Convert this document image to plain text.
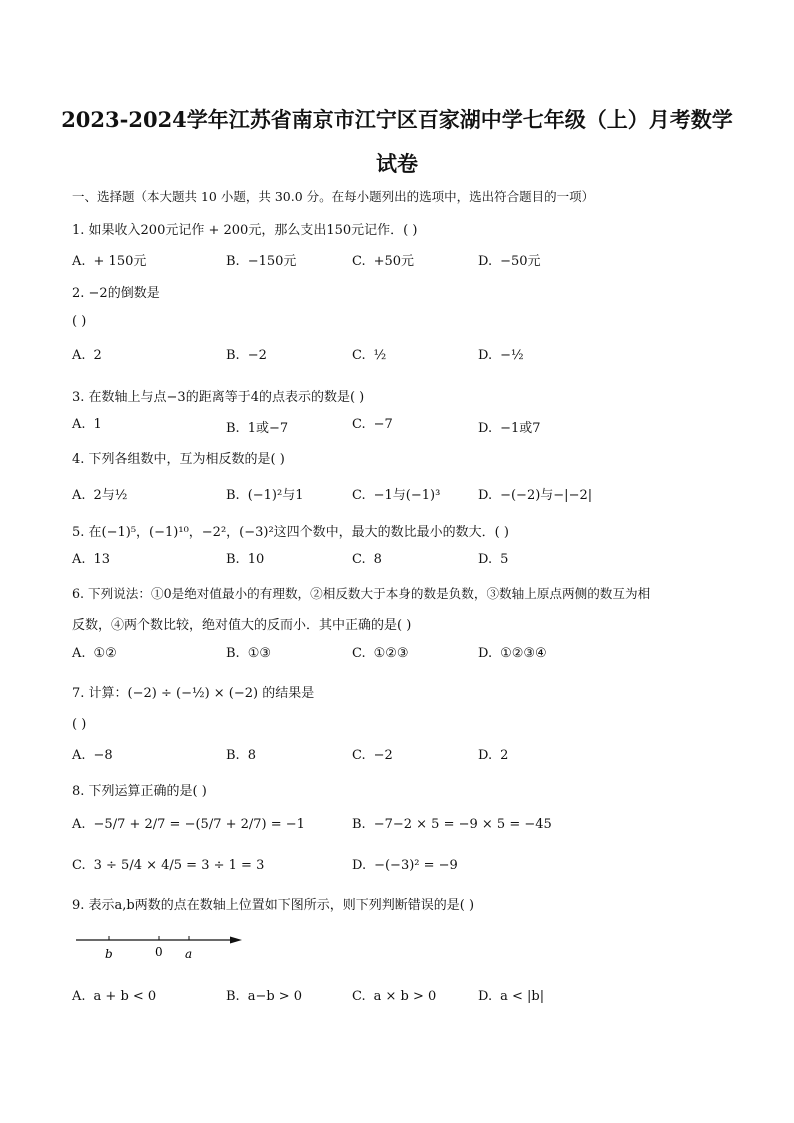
2023-2024学年江苏省南京市江宁区百家湖中学七年级（上）月考数学
试卷
一、选择题（本大题共 10 小题，共 30.0 分。在每小题列出的选项中，选出符合题目的一项）
1. 如果收入200元记作 + 200元，那么支出150元记作．( )
A. + 150元	B. −150元	C. +50元	D. −50元
2. −2的倒数是
( )
A. 2	B. −2	C. ½	D. −½
3. 在数轴上与点−3的距离等于4的点表示的数是( )
A. 1	B. 1或−7	C. −7	D. −1或7
4. 下列各组数中，互为相反数的是( )
A. 2与½	B. (−1)²与1	C. −1与(−1)³	D. −(−2)与−|−2|
5. 在(−1)⁵，(−1)¹⁰，−2²，(−3)²这四个数中，最大的数比最小的数大．( )
A. 13	B. 10	C. 8	D. 5
6. 下列说法：①0是绝对值最小的有理数，②相反数大于本身的数是负数，③数轴上原点两侧的数互为相
反数，④两个数比较，绝对值大的反而小．其中正确的是( )
A. ①②	B. ①③	C. ①②③	D. ①②③④
7. 计算：(−2) ÷ (−½) × (−2) 的结果是
( )
A. −8	B. 8	C. −2	D. 2
8. 下列运算正确的是( )
A. −5/7 + 2/7 = −(5/7 + 2/7) = −1	B. −7−2 × 5 = −9 × 5 = −45
C. 3 ÷ 5/4 × 4/5 = 3 ÷ 1 = 3	D. −(−3)² = −9
9. 表示a,b两数的点在数轴上位置如下图所示，则下列判断错误的是( )
b	0 a
A. a + b < 0	B. a−b > 0	C. a × b > 0	D. a < |b|
